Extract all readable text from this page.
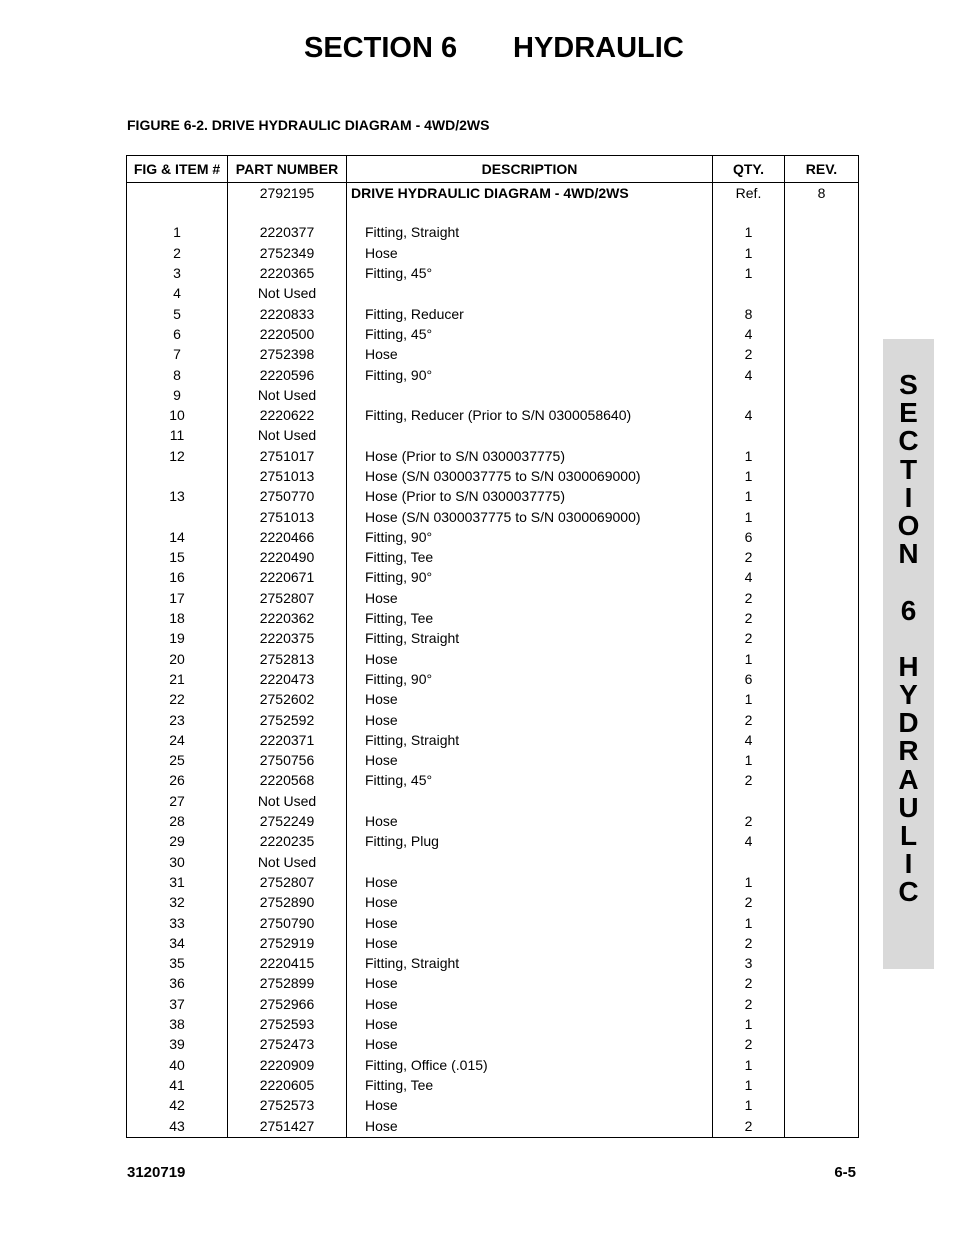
SECTION 6 HYDRAULIC
FIGURE 6-2. DRIVE HYDRAULIC DIAGRAM - 4WD/2WS
FIG & ITEM #	PART NUMBER	DESCRIPTION	QTY.	REV.
	2792195	DRIVE HYDRAULIC DIAGRAM - 4WD/2WS	Ref.	8

1	2220377	Fitting, Straight	1	
2	2752349	Hose	1	
3	2220365	Fitting, 45°	1	
4	Not Used			
5	2220833	Fitting, Reducer	8	
6	2220500	Fitting, 45°	4	
7	2752398	Hose	2	
8	2220596	Fitting, 90°	4	
9	Not Used			
10	2220622	Fitting, Reducer (Prior to S/N 0300058640)	4	
11	Not Used			
12	2751017	Hose (Prior to S/N 0300037775)	1	
	2751013	Hose (S/N 0300037775 to S/N 0300069000)	1	
13	2750770	Hose (Prior to S/N 0300037775)	1	
	2751013	Hose (S/N 0300037775 to S/N 0300069000)	1	
14	2220466	Fitting, 90°	6	
15	2220490	Fitting, Tee	2	
16	2220671	Fitting, 90°	4	
17	2752807	Hose	2	
18	2220362	Fitting, Tee	2	
19	2220375	Fitting, Straight	2	
20	2752813	Hose	1	
21	2220473	Fitting, 90°	6	
22	2752602	Hose	1	
23	2752592	Hose	2	
24	2220371	Fitting, Straight	4	
25	2750756	Hose	1	
26	2220568	Fitting, 45°	2	
27	Not Used			
28	2752249	Hose	2	
29	2220235	Fitting, Plug	4	
30	Not Used			
31	2752807	Hose	1	
32	2752890	Hose	2	
33	2750790	Hose	1	
34	2752919	Hose	2	
35	2220415	Fitting, Straight	3	
36	2752899	Hose	2	
37	2752966	Hose	2	
38	2752593	Hose	1	
39	2752473	Hose	2	
40	2220909	Fitting, Office (.015)	1	
41	2220605	Fitting, Tee	1	
42	2752573	Hose	1	
43	2751427	Hose	2	
S
E
C
T
I
O
N
6
H
Y
D
R
A
U
L
I
C
3120719	6-5
